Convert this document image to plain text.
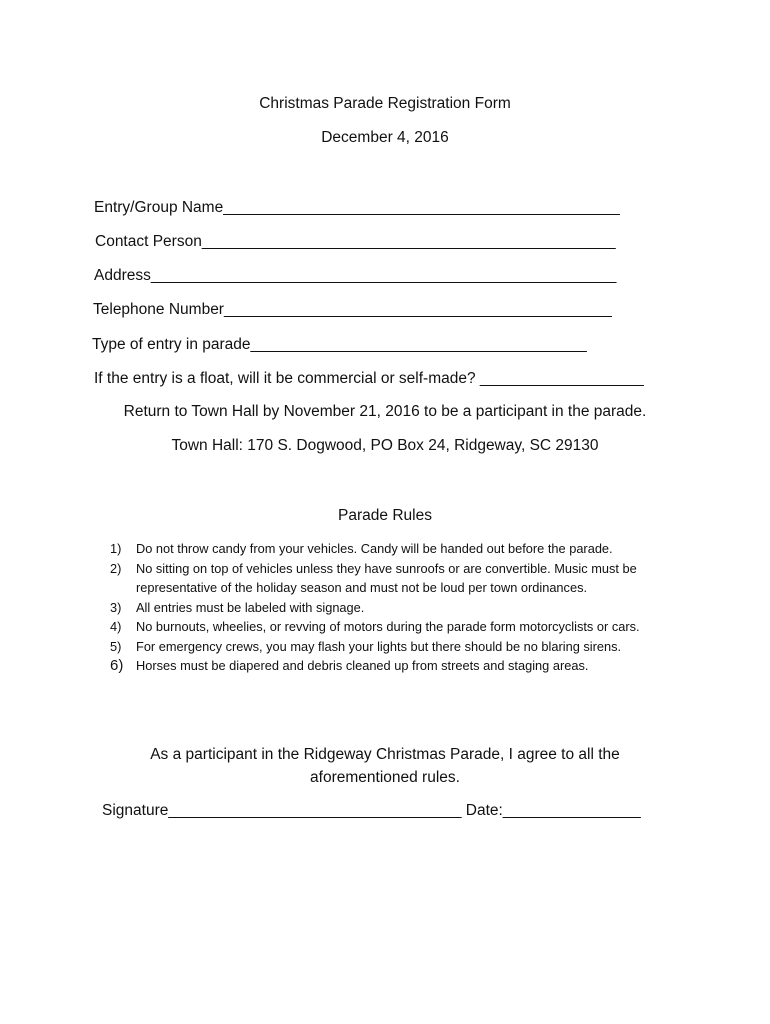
Christmas Parade Registration Form
December 4, 2016
Entry/Group Name______________________________________________
Contact Person________________________________________________
Address______________________________________________________
Telephone Number_____________________________________________
Type of entry in parade_______________________________________
If the entry is a float, will it be commercial or self-made? ___________________
Return to Town Hall by November 21, 2016 to be a participant in the parade.
Town Hall: 170 S. Dogwood, PO Box 24, Ridgeway, SC 29130
Parade Rules
1)	Do not throw candy from your vehicles. Candy will be handed out before the parade.
2)	No sitting on top of vehicles unless they have sunroofs or are convertible. Music must be representative of the holiday season and must not be loud per town ordinances.
3)	All entries must be labeled with signage.
4)	No burnouts, wheelies, or revving of motors during the parade form motorcyclists or cars.
5)	For emergency crews, you may flash your lights but there should be no blaring sirens.
6) Horses must be diapered and debris cleaned up from streets and staging areas.
As a participant in the Ridgeway Christmas Parade, I agree to all the
aforementioned rules.
Signature__________________________________ Date:________________
